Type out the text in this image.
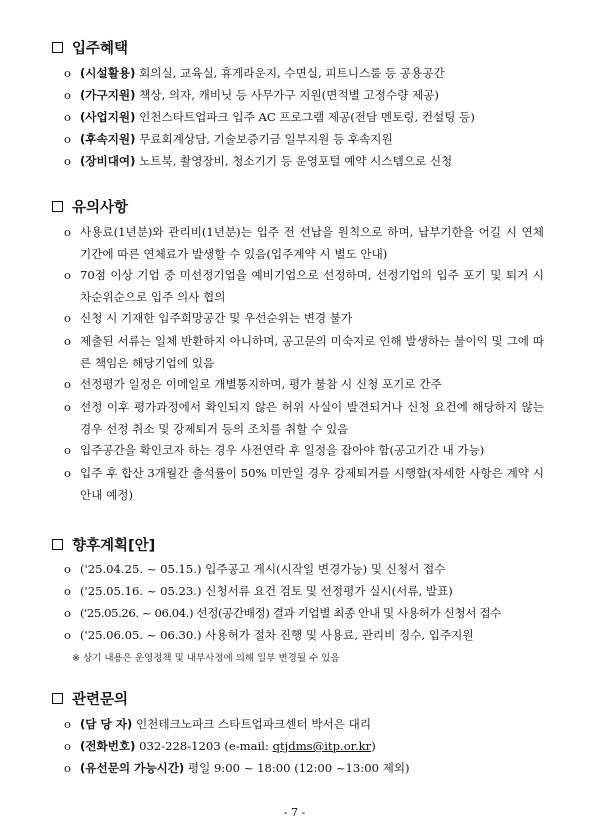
입주혜택
o (시설활용) 회의실, 교육실, 휴게라운지, 수면실, 피트니스룸 등 공용공간
o (가구지원) 책상, 의자, 캐비닛 등 사무가구 지원(면적별 고정수량 제공)
o (사업지원) 인천스타트업파크 입주 AC 프로그램 제공(전담 멘토링, 컨설팅 등)
o (후속지원) 무료회계상담, 기술보증기금 일부지원 등 후속지원
o (장비대여) 노트북, 촬영장비, 청소기기 등 운영포털 예약 시스템으로 신청
유의사항
o 사용료(1년분)와 관리비(1년분)는 입주 전 선납을 원칙으로 하며, 납부기한을 어길 시 연체기간에 따른 연체료가 발생할 수 있음(입주계약 시 별도 안내)
o 70점 이상 기업 중 미선정기업을 예비기업으로 선정하며, 선정기업의 입주 포기 및 퇴거 시 차순위순으로 입주 의사 협의
o 신청 시 기재한 입주희망공간 및 우선순위는 변경 불가
o 제출된 서류는 일체 반환하지 아니하며, 공고문의 미숙지로 인해 발생하는 불이익 및 그에 따른 책임은 해당기업에 있음
o 선정평가 일정은 이메일로 개별통지하며, 평가 불참 시 신청 포기로 간주
o 선정 이후 평가과정에서 확인되지 않은 허위 사실이 발견되거나 신청 요건에 해당하지 않는 경우 선정 취소 및 강제퇴거 등의 조치를 취할 수 있음
o 입주공간을 확인코자 하는 경우 사전연락 후 일정을 잡아야 함(공고기간 내 가능)
o 입주 후 합산 3개월간 출석률이 50% 미만일 경우 강제퇴거를 시행함(자세한 사항은 계약 시 안내 예정)
향후계획[안]
o ('25.04.25. ~ 05.15.) 입주공고 게시(시작일 변경가능) 및 신청서 접수
o ('25.05.16. ~ 05.23.) 신청서류 요건 검토 및 선정평가 실시(서류, 발표)
o ('25.05.26. ~ 06.04.) 선정(공간배정) 결과 기업별 최종 안내 및 사용허가 신청서 접수
o ('25.06.05. ~ 06.30.) 사용허가 절차 진행 및 사용료, 관리비 징수, 입주지원
※ 상기 내용은 운영정책 및 내부사정에 의해 일부 변경될 수 있음
관련문의
o (담 당 자) 인천테크노파크 스타트업파크센터 박서은 대리
o (전화번호) 032-228-1203 (e-mail: qtjdms@itp.or.kr)
o (유선문의 가능시간) 평일 9:00 ~ 18:00 (12:00 ~13:00 제외)
- 7 -
